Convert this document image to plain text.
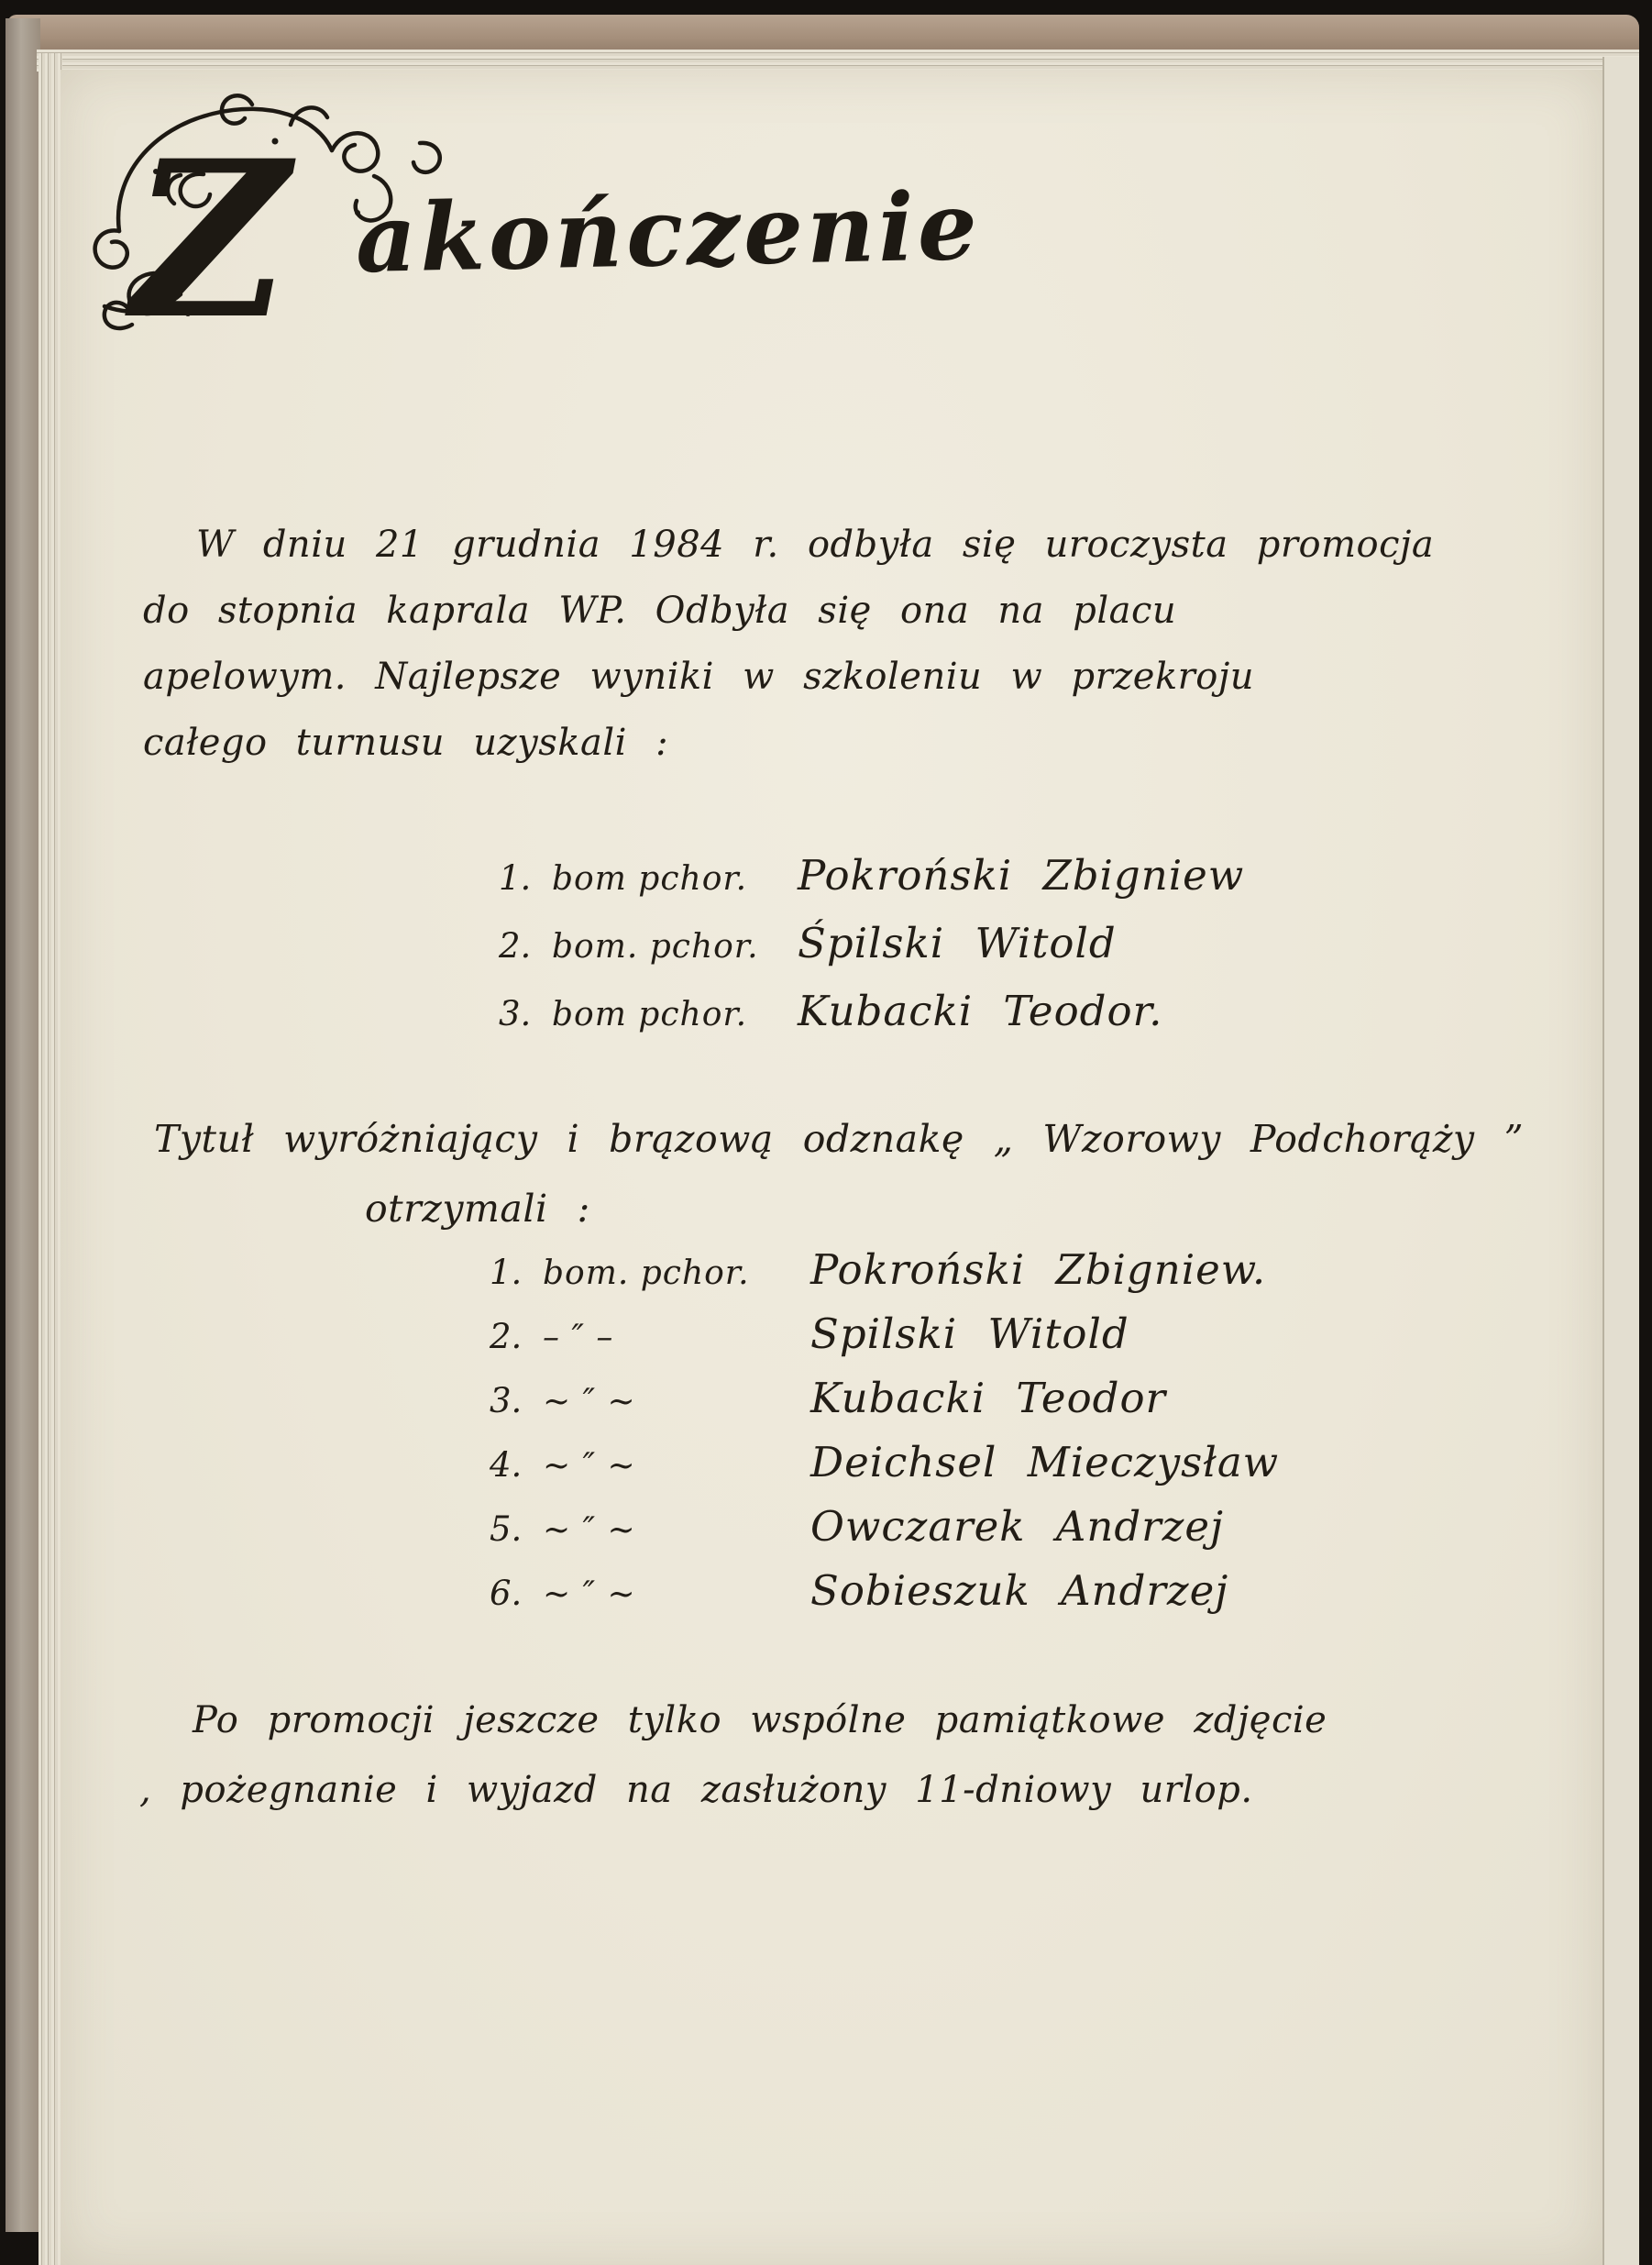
Z akończenie
W dniu 21 grudnia 1984 r. odbyła się uroczysta promocja
do stopnia kaprala WP. Odbyła się ona na placu
apelowym. Najlepsze wyniki w szkoleniu w przekroju
całego turnusu uzyskali :
1. bom pchor.	Pokroński Zbigniew
2. bom. pchor. Śpilski Witold
3. bom pchor.	Kubacki Teodor.
Tytuł wyróżniający i brązową odznakę „ Wzorowy Podchorąży ”
otrzymali :
1. bom. pchor.	Pokroński Zbigniew.
2. – ″ –	Spilski Witold
3. ~ ″ ~	Kubacki Teodor
4. ~ ″ ~	Deichsel Mieczysław
5. ~ ″ ~	Owczarek Andrzej
6. ~ ″ ~	Sobieszuk Andrzej
Po promocji jeszcze tylko wspólne pamiątkowe zdjęcie
, pożegnanie i wyjazd na zasłużony 11-dniowy urlop.
